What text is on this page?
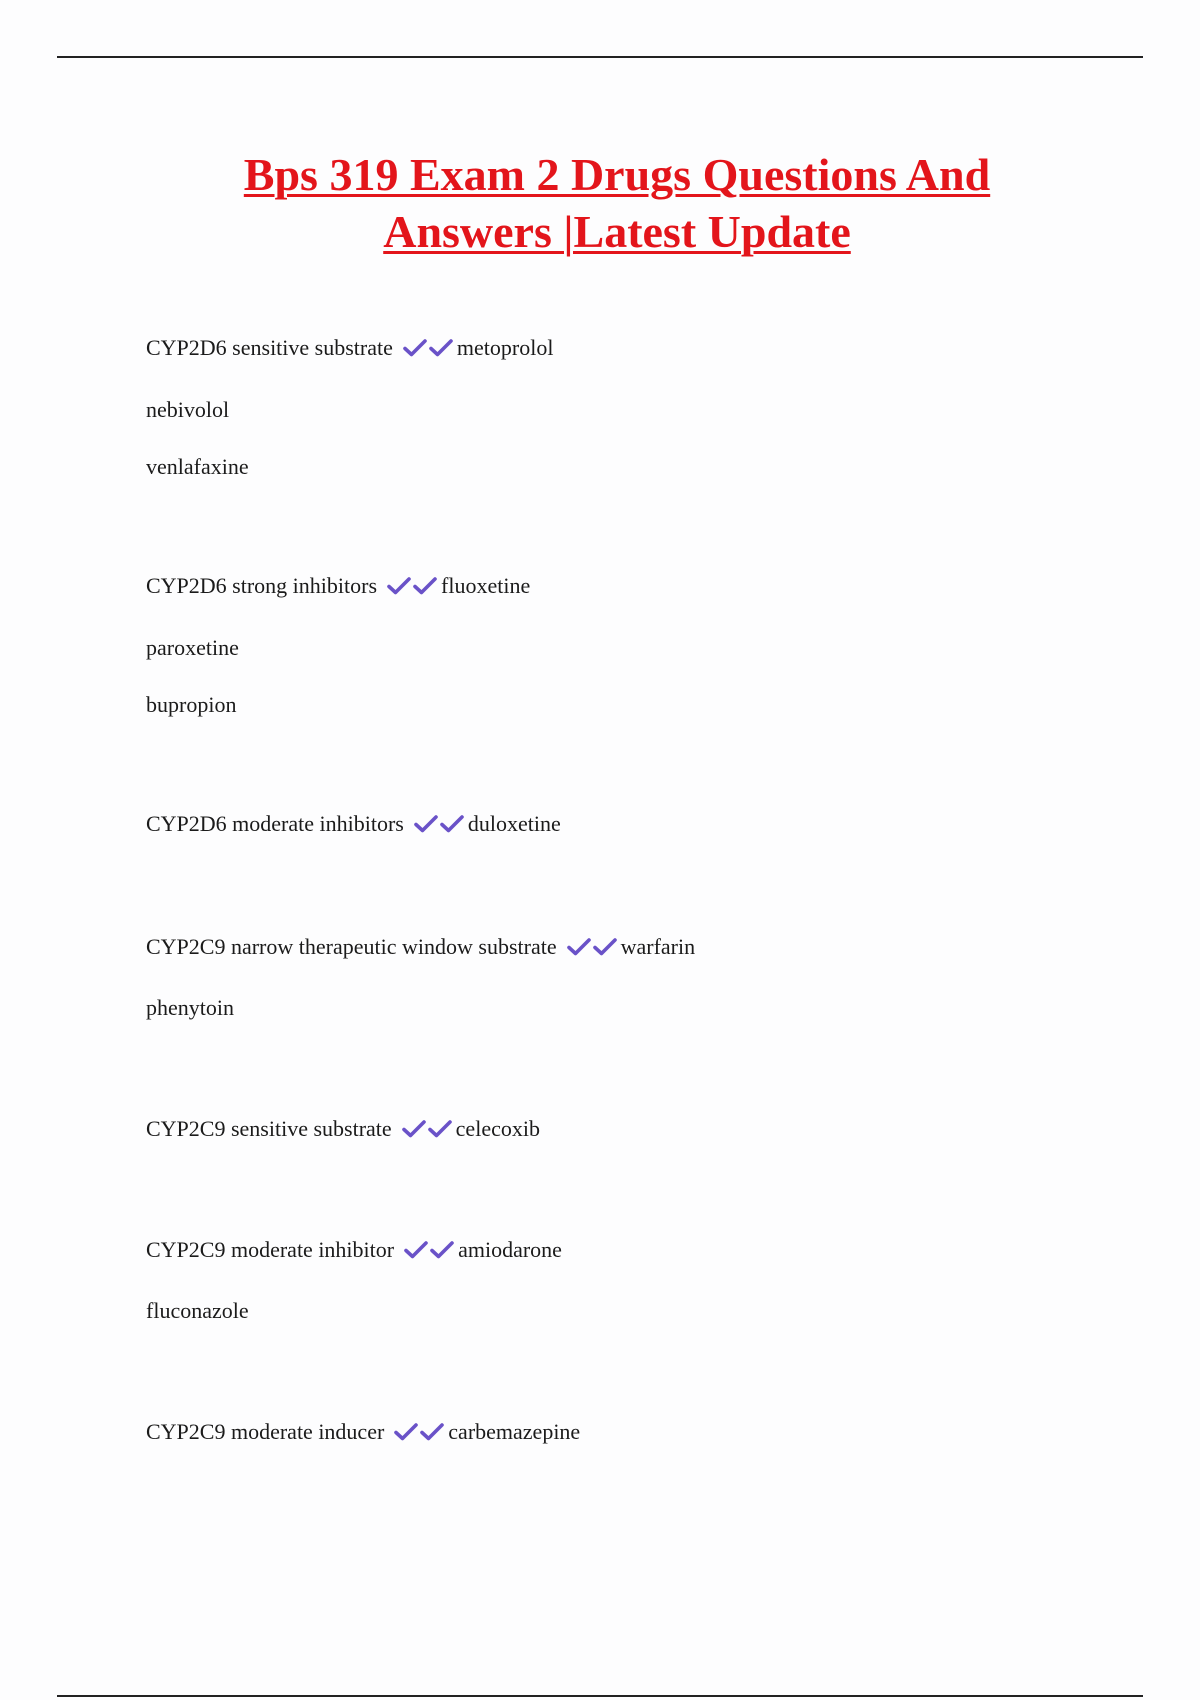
Bps 319 Exam 2 Drugs Questions And
Answers |Latest Update

CYP2D6 sensitive substrate	metoprolol

nebivolol

venlafaxine

CYP2D6 strong inhibitors	fluoxetine

paroxetine

bupropion

CYP2D6 moderate inhibitors	duloxetine

CYP2C9 narrow therapeutic window substrate	warfarin

phenytoin

CYP2C9 sensitive substrate	celecoxib

CYP2C9 moderate inhibitor	amiodarone

fluconazole

CYP2C9 moderate inducer	carbemazepine
